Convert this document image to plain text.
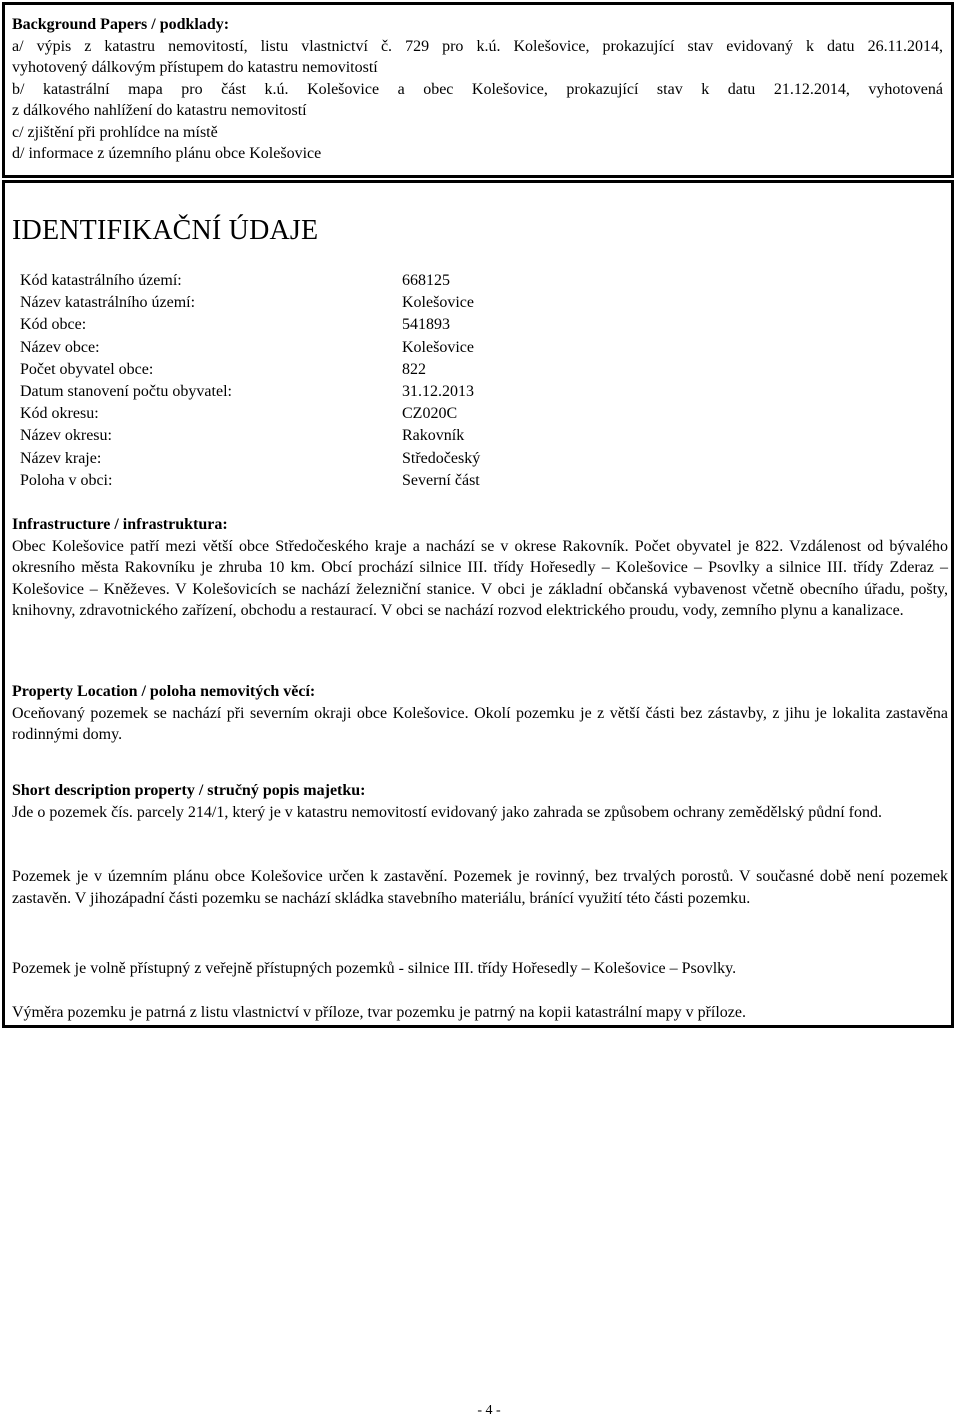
Background Papers / podklady:
a/ výpis z katastru nemovitostí, listu vlastnictví č. 729 pro k.ú. Kolešovice, prokazující stav evidovaný k datu 26.11.2014,
vyhotovený dálkovým přístupem do katastru nemovitostí
b/ katastrální mapa pro část k.ú. Kolešovice a obec Kolešovice, prokazující stav k datu 21.12.2014, vyhotovená
z dálkového nahlížení do katastru nemovitostí
c/ zjištění při prohlídce na místě
d/ informace z územního plánu obce Kolešovice
IDENTIFIKAČNÍ ÚDAJE
Kód katastrálního území:	668125
Název katastrálního území:	Kolešovice
Kód obce:	541893
Název obce:	Kolešovice
Počet obyvatel obce:	822
Datum stanovení počtu obyvatel:	31.12.2013
Kód okresu:	CZ020C
Název okresu:	Rakovník
Název kraje:	Středočeský
Poloha v obci:	Severní část
Infrastructure / infrastruktura:

Obec Kolešovice patří mezi větší obce Středočeského kraje a nachází se v okrese Rakovník. Počet obyvatel je 822. Vzdálenost od bývalého okresního města Rakovníku je zhruba 10 km. Obcí prochází silnice III. třídy Hořesedly – Kolešovice – Psovlky a silnice III. třídy Zderaz – Kolešovice – Kněževes. V Kolešovicích se nachází železniční stanice. V obci je základní občanská vybavenost včetně obecního úřadu, pošty, knihovny, zdravotnického zařízení, obchodu a restaurací. V obci se nachází rozvod elektrického proudu, vody, zemního plynu a kanalizace.

Property Location / poloha nemovitých věcí:

Oceňovaný pozemek se nachází při severním okraji obce Kolešovice. Okolí pozemku je z větší části bez zástavby, z jihu je lokalita zastavěna rodinnými domy.

Short description property / stručný popis majetku:

Jde o pozemek čís. parcely 214/1, který je v katastru nemovitostí evidovaný jako zahrada se způsobem ochrany zemědělský půdní fond.

Pozemek je v územním plánu obce Kolešovice určen k zastavění. Pozemek je rovinný, bez trvalých porostů. V současné době není pozemek zastavěn. V jihozápadní části pozemku se nachází skládka stavebního materiálu, bránící využití této části pozemku.

Pozemek je volně přístupný z veřejně přístupných pozemků - silnice III. třídy Hořesedly – Kolešovice – Psovlky.

Výměra pozemku je patrná z listu vlastnictví v příloze, tvar pozemku je patrný na kopii katastrální mapy v příloze.

- 4 -
